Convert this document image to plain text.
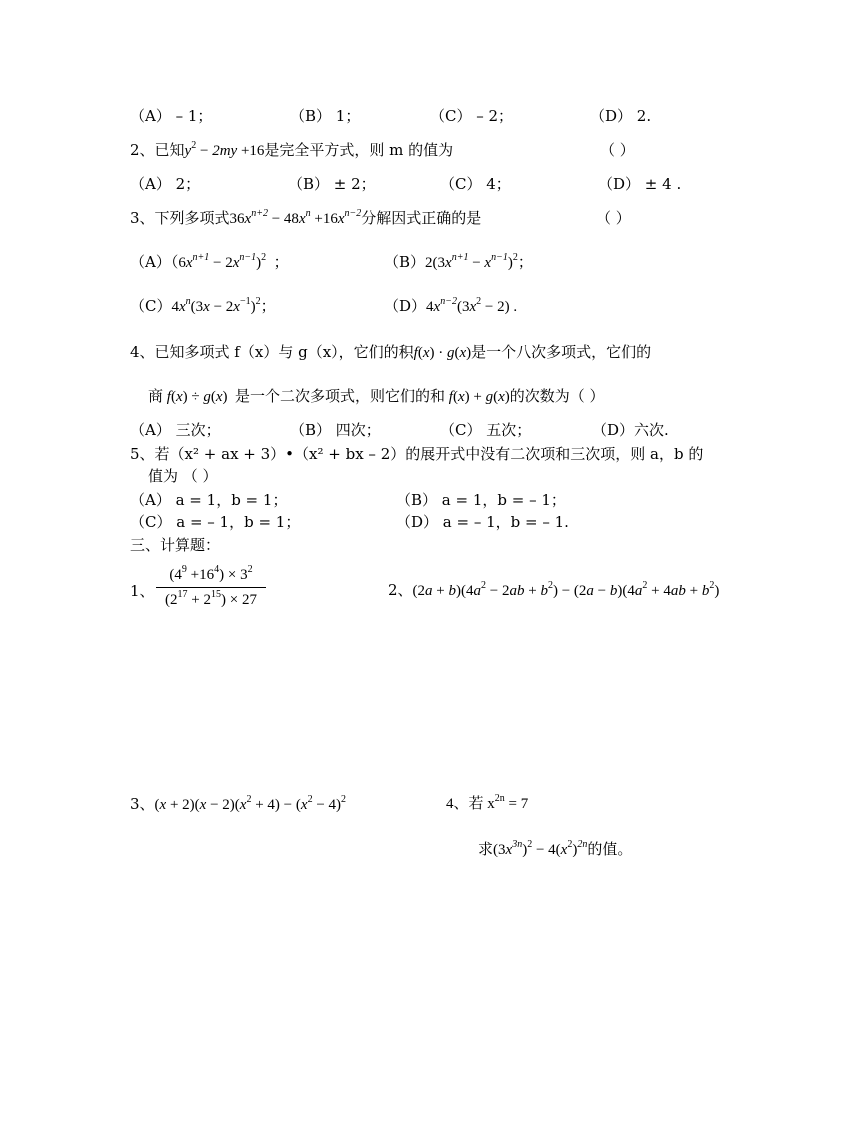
（A） – 1；	（B） 1；	（C） – 2；	（D） 2.
2、已知$y^2 - 2my +16$是完全平方式，则 m 的值为	（ ）
（A） 2；	（B） ± 2；	（C） 4；	（D） ± 4 .
3、下列多项式$36x^{n+2} - 48x^n +16x^{n-2}$分解因式正确的是	（ ）
$(A)(6x^{n+1} - 2x^{n-1})^2$  ；	$(B)2(3x^{n+1} - x^{n-1})^2$；
$(C)4x^n(3x - 2x^{-1})^2$；	$(D)4x^{n-2}(3x^2 - 2)$ .
4、已知多项式 f（x）与 g（x），它们的积f(x) · g(x)是一个八次多项式，它们的
商 f(x) ÷ g(x) 是一个二次多项式，则它们的和 f(x) + g(x)的次数为（ ）
（A） 三次；	（B） 四次；	（C） 五次；	（D）六次.
5、若（x² + ax + 3）•（x² + bx – 2）的展开式中没有二次项和三次项，则 a，b 的
值为 （ ）
（A） a = 1，b = 1；	（B） a = 1，b = – 1；
（C） a = – 1，b = 1；	（D） a = – 1，b = – 1.
三、计算题：
1、
$(4^9 +16^4) \times 3^2$
$(2^{17} + 2^{15}) \times 27$
2、$(2a + b)(4a^2 - 2ab + b^2) - (2a - b)(4a^2 + 4ab + b^2)$
3、$(x + 2)(x - 2)(x^2 + 4) - (x^2 - 4)^2$	4、若 $x^{2n} = 7$
求$(3x^{3n})^2 - 4(x^2)^{2n}$的值。
